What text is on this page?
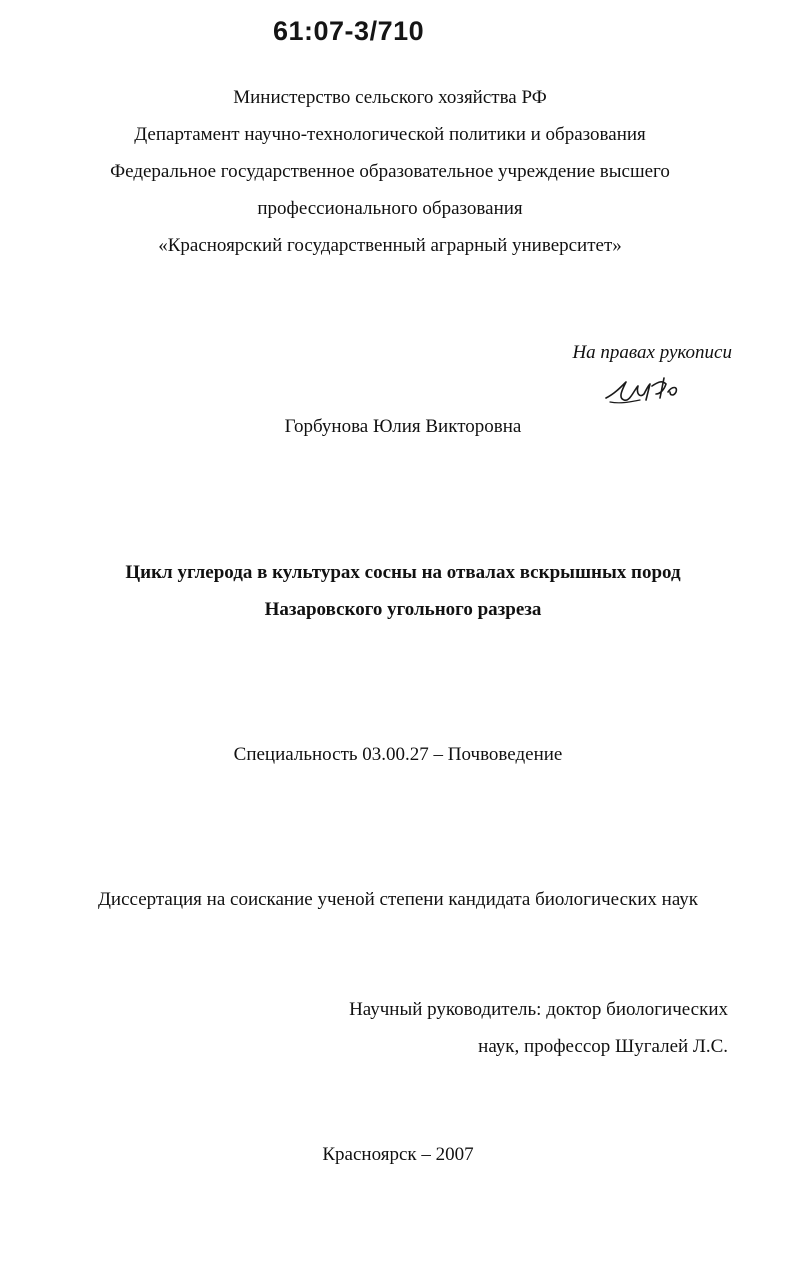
61:07-3/710

Министерство сельского хозяйства РФ

Департамент научно-технологической политики и образования

Федеральное государственное образовательное учреждение высшего

профессионального образования

«Красноярский государственный аграрный университет»

На правах рукописи

Горбунова Юлия Викторовна

Цикл углерода в культурах сосны на отвалах вскрышных пород

Назаровского угольного разреза

Специальность 03.00.27 – Почвоведение

Диссертация на соискание ученой степени кандидата биологических наук

Научный руководитель: доктор биологических

наук, профессор Шугалей Л.С.

Красноярск – 2007
